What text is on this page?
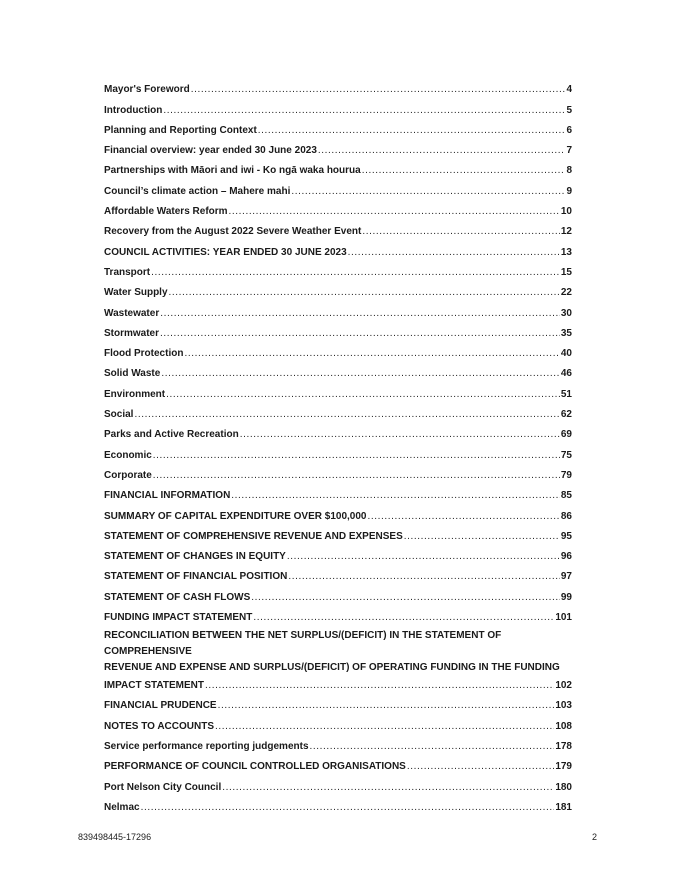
Mayor's Foreword .....	4
Introduction .....	5
Planning and Reporting Context .....	6
Financial overview: year ended 30 June 2023 .....	7
Partnerships with Māori and iwi - Ko ngā waka hourua .....	8
Council’s climate action – Mahere mahi .....	9
Affordable Waters Reform .....	10
Recovery from the August 2022 Severe Weather Event .....	12
COUNCIL ACTIVITIES: YEAR ENDED 30 JUNE 2023 .....	13
Transport .....	15
Water Supply .....	22
Wastewater .....	30
Stormwater .....	35
Flood Protection .....	40
Solid Waste .....	46
Environment .....	51
Social .....	62
Parks and Active Recreation .....	69
Economic .....	75
Corporate .....	79
FINANCIAL INFORMATION .....	85
SUMMARY OF CAPITAL EXPENDITURE OVER $100,000 .....	86
STATEMENT OF COMPREHENSIVE REVENUE AND EXPENSES .....	95
STATEMENT OF CHANGES IN EQUITY .....	96
STATEMENT OF FINANCIAL POSITION .....	97
STATEMENT OF CASH FLOWS .....	99
FUNDING IMPACT STATEMENT .....	101
RECONCILIATION BETWEEN THE NET SURPLUS/(DEFICIT) IN THE STATEMENT OF COMPREHENSIVE
REVENUE AND EXPENSE AND SURPLUS/(DEFICIT) OF OPERATING FUNDING IN THE FUNDING
IMPACT STATEMENT .....	102
FINANCIAL PRUDENCE .....	103
NOTES TO ACCOUNTS .....	108
Service performance reporting judgements .....	178
PERFORMANCE OF COUNCIL CONTROLLED ORGANISATIONS .....	179
Port Nelson City Council .....	180
Nelmac .....	181
839498445-17296	2
